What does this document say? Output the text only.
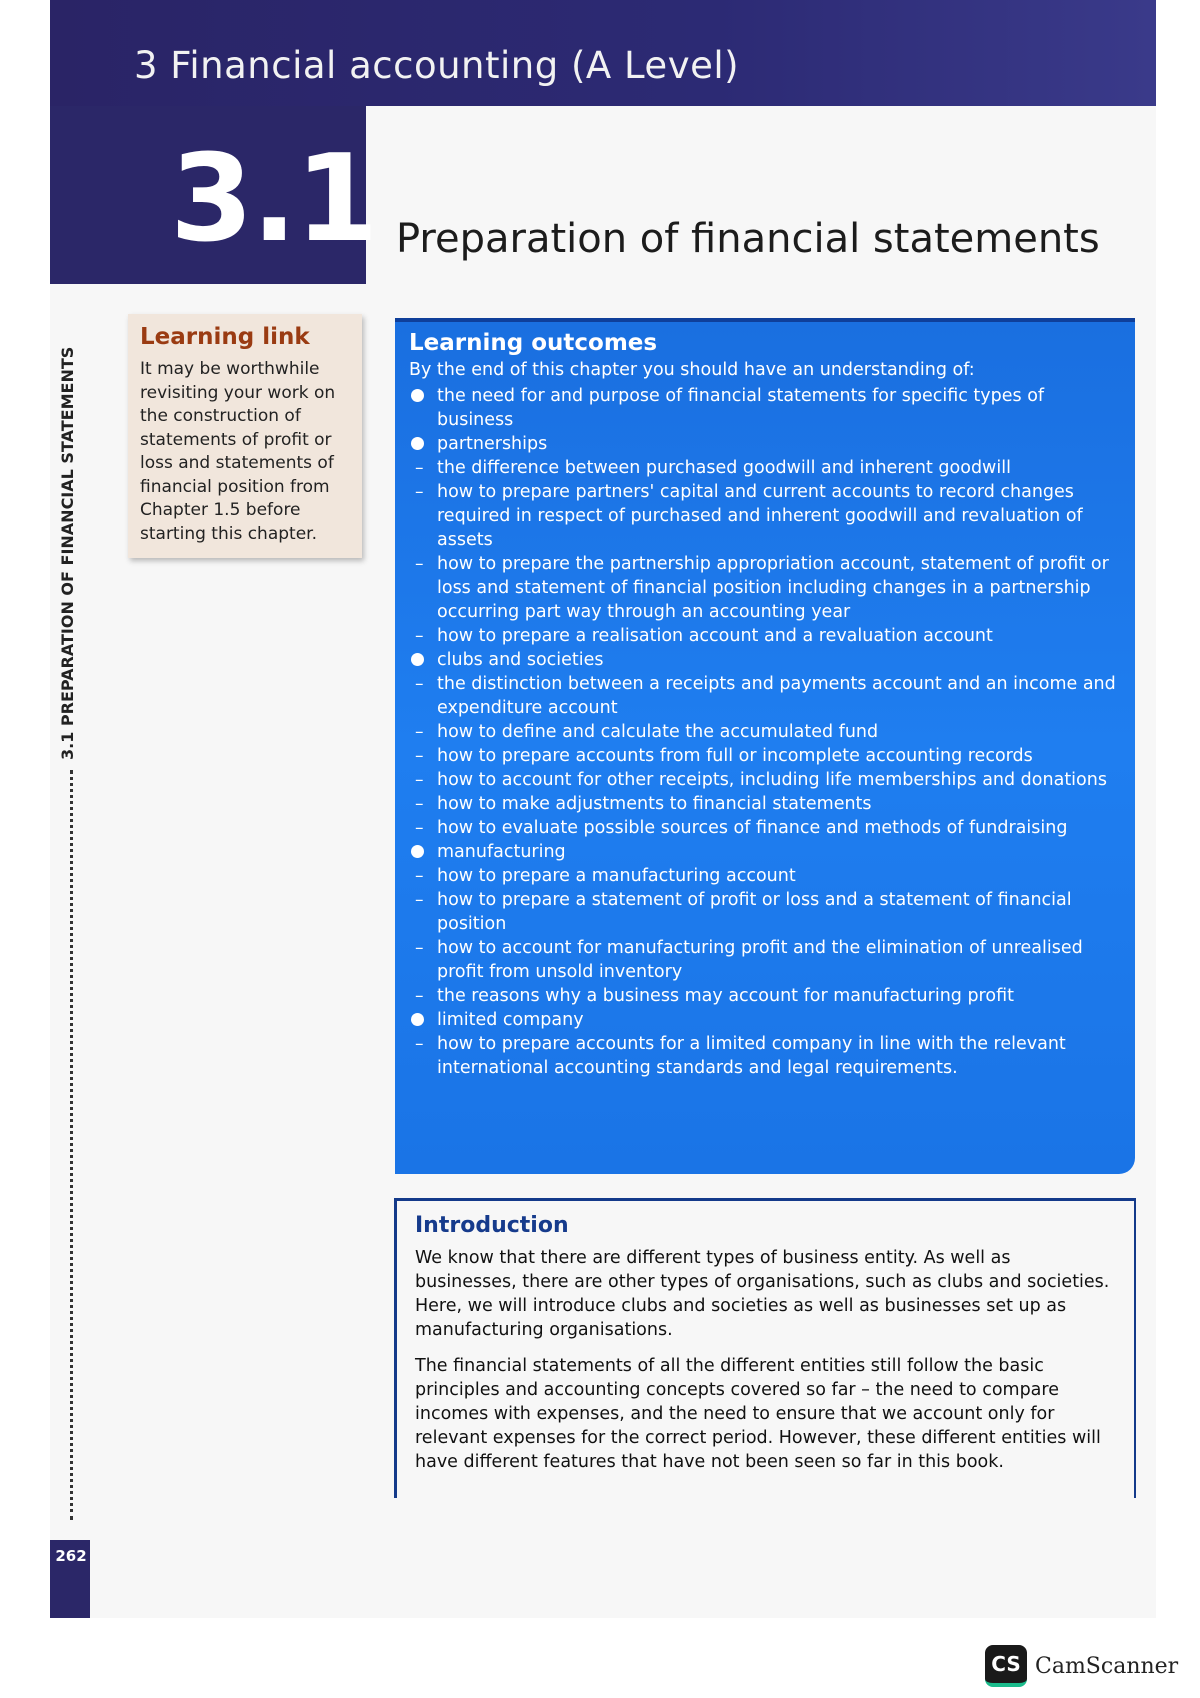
3 Financial accounting (A Level)
3.1 Preparation of financial statements
3.1 PREPARATION OF FINANCIAL STATEMENTS
262
Learning link
It may be worthwhile revisiting your work on the construction of statements of profit or loss and statements of financial position from Chapter 1.5 before starting this chapter.
Learning outcomes
By the end of this chapter you should have an understanding of:
the need for and purpose of financial statements for specific types of business
partnerships
– the difference between purchased goodwill and inherent goodwill
– how to prepare partners' capital and current accounts to record changes required in respect of purchased and inherent goodwill and revaluation of assets
– how to prepare the partnership appropriation account, statement of profit or loss and statement of financial position including changes in a partnership occurring part way through an accounting year
– how to prepare a realisation account and a revaluation account
clubs and societies
– the distinction between a receipts and payments account and an income and expenditure account
– how to define and calculate the accumulated fund
– how to prepare accounts from full or incomplete accounting records
– how to account for other receipts, including life memberships and donations
– how to make adjustments to financial statements
– how to evaluate possible sources of finance and methods of fundraising
manufacturing
– how to prepare a manufacturing account
– how to prepare a statement of profit or loss and a statement of financial position
– how to account for manufacturing profit and the elimination of unrealised profit from unsold inventory
– the reasons why a business may account for manufacturing profit
limited company
– how to prepare accounts for a limited company in line with the relevant international accounting standards and legal requirements.
Introduction

We know that there are different types of business entity. As well as businesses, there are other types of organisations, such as clubs and societies. Here, we will introduce clubs and societies as well as businesses set up as manufacturing organisations.

The financial statements of all the different entities still follow the basic principles and accounting concepts covered so far – the need to compare incomes with expenses, and the need to ensure that we account only for relevant expenses for the correct period. However, these different entities will have different features that have not been seen so far in this book.

CS CamScanner
